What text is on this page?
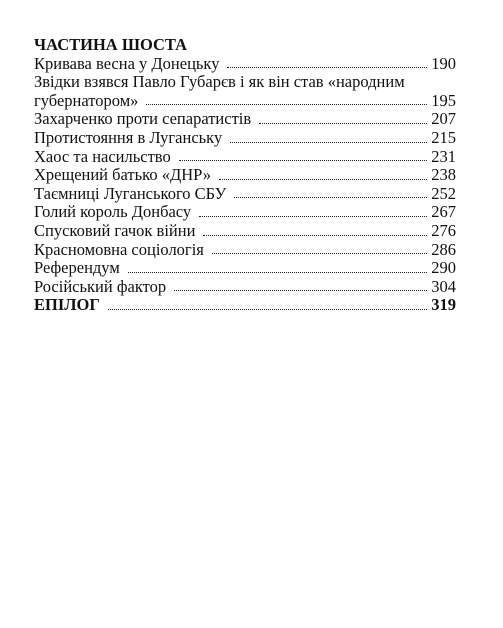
ЧАСТИНА ШОСТА
Кривава весна у Донецьку	190
Звідки взявся Павло Губарєв і як він став «народним
губернатором»	195
Захарченко проти сепаратистів	207
Протистояння в Луганську	215
Хаос та насильство	231
Хрещений батько «ДНР»	238
Таємниці Луганського СБУ	252
Голий король Донбасу	267
Спусковий гачок війни	276
Красномовна соціологія	286
Референдум	290
Російський фактор	304
ЕПІЛОГ	319
